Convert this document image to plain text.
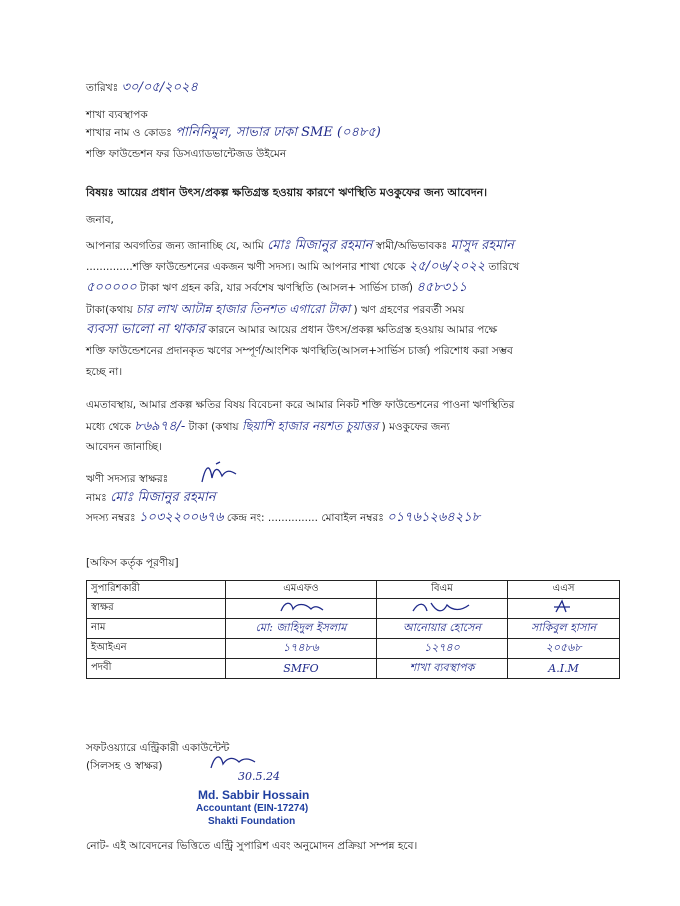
তারিখঃ ৩০/০৫/২০২৪
শাখা ব্যবস্থাপক
শাখার নাম ও কোডঃ পানিনিমুল, সাভার ঢাকা SME (০৪৮৫)
শক্তি ফাউন্ডেশন ফর ডিসএ্যাডভান্টেজড উইমেন
বিষয়ঃ আয়ের প্রধান উৎস/প্রকল্প ক্ষতিগ্রস্ত হওয়ায় কারণে ঋণস্থিতি মওকুফের জন্য আবেদন।
জনাব,
আপনার অবগতির জন্য জানাচ্ছি যে, আমি মোঃ মিজানুর রহমান স্বামী/অভিভাবকঃ মাসুদ রহমান
..............শক্তি ফাউন্ডেশনের একজন ঋণী সদস্য। আমি আপনার শাখা থেকে ২৫/০৬/২০২২ তারিখে
৫০০০০০ টাকা ঋণ গ্রহন করি, যার সর্বশেষ ঋণস্থিতি (আসল+ সার্ভিস চার্জ) ৪৫৮৩১১
টাকা(কথায় চার লাখ আটান্ন হাজার তিনশত এগারো টাকা ) ঋণ গ্রহণের পরবর্তী সময়
ব্যবসা ভালো না থাকার কারনে আমার আয়ের প্রধান উৎস/প্রকল্প ক্ষতিগ্রস্ত হওয়ায় আমার পক্ষে
শক্তি ফাউন্ডেশনের প্রদানকৃত ঋণের সম্পূর্ণ/আংশিক ঋণস্থিতি(আসল+সার্ভিস চার্জ) পরিশোধ করা সম্ভব
হচ্ছে না।
এমতাবস্থায়, আমার প্রকল্প ক্ষতির বিষয় বিবেচনা করে আমার নিকট শক্তি ফাউন্ডেশনের পাওনা ঋণস্থিতির
মধ্যে থেকে ৮৬৯৭৪/- টাকা (কথায় ছিয়াশি হাজার নয়শত চুয়াত্তর ) মওকুফের জন্য
আবেদন জানাচ্ছি।
ঋণী সদস্যর স্বাক্ষরঃ
নামঃ মোঃ মিজানুর রহমান
সদস্য নম্বরঃ ১০৩২২০০৬৭৬ কেন্দ্র নং: ............... মোবাইল নম্বরঃ ০১৭৬১২৬৪২১৮
[অফিস কর্তৃক পূরণীয়]
সুপারিশকারী	এমএফও	বিএম	এএস
স্বাক্ষর			
নাম	মো: জাহিদুল ইসলাম	আনোয়ার হোসেন	সাকিবুল হাসান
ইআইএন	১৭৪৮৬	১২৭৪০	২০৫৬৮
পদবী	SMFO	শাখা ব্যবস্থাপক	A.I.M
সফটওয়্যারে এন্ট্রিকারী একাউন্টেন্ট
(সিলসহ ও স্বাক্ষর)
30.5.24
Md. Sabbir Hossain
Accountant (EIN-17274)
Shakti Foundation
নোট- এই আবেদনের ভিত্তিতে এন্ট্রি সুপারিশ এবং অনুমোদন প্রক্রিয়া সম্পন্ন হবে।
